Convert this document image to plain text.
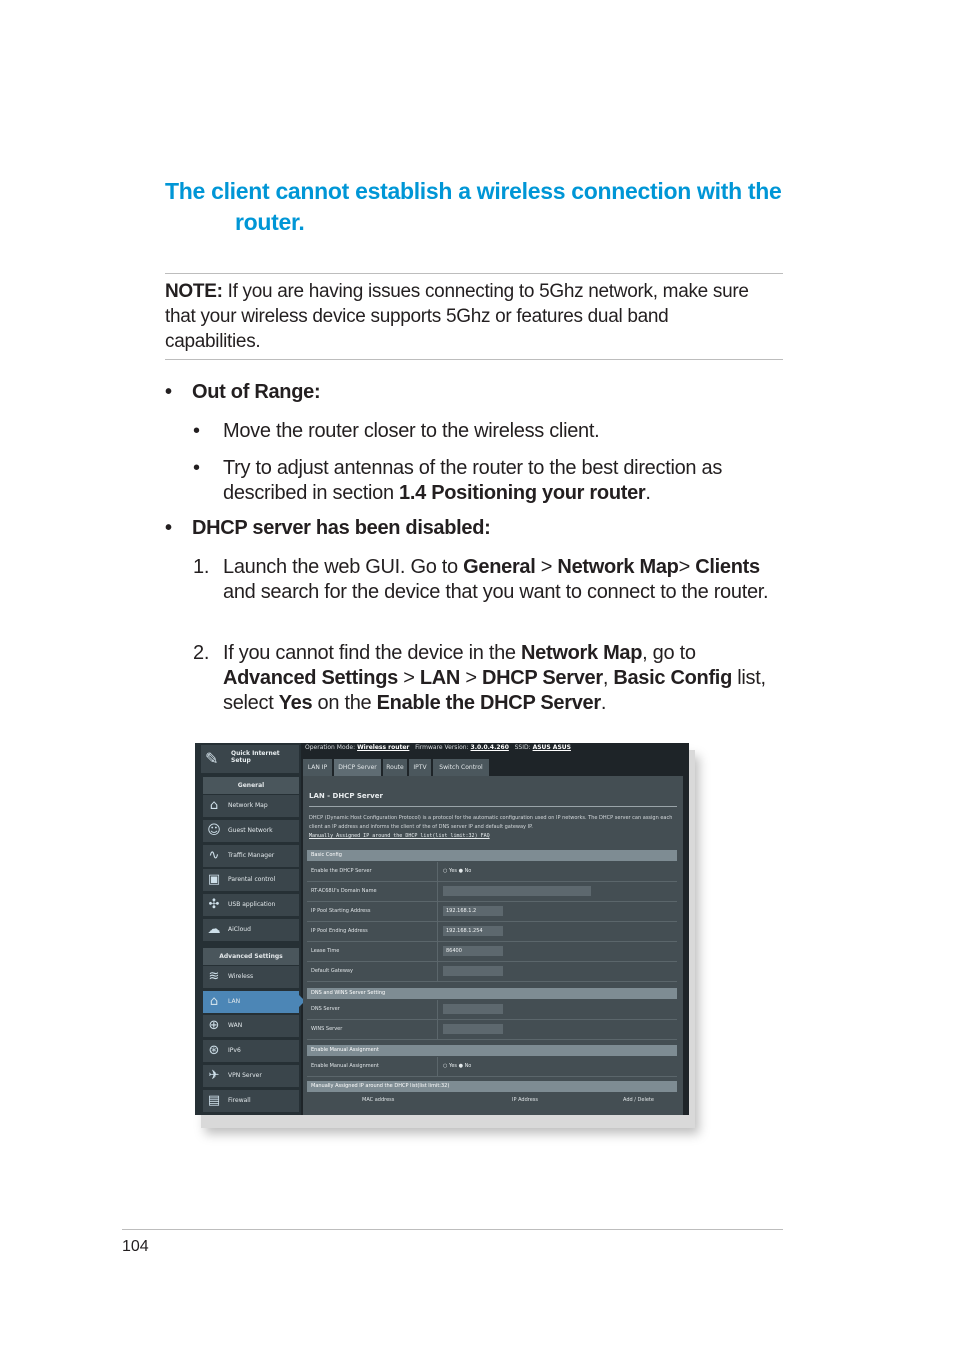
The client cannot establish a wireless connection with the
router.
NOTE: If you are having issues connecting to 5Ghz network, make sure that your wireless device supports 5Ghz or features dual band capabilities.
• Out of Range:
•	Move the router closer to the wireless client.
•	Try to adjust antennas of the router to the best direction as described in section 1.4 Positioning your router.
• DHCP server has been disabled:
1. Launch the web GUI. Go to General > Network Map> Clients and search for the device that you want to connect to the router.
2. If you cannot find the device in the Network Map, go to Advanced Settings > LAN > DHCP Server, Basic Config list, select Yes on the Enable the DHCP Server.
✎	Quick Internet Setup
General
⌂	Network Map
☺ Guest Network
∿	Traffic Manager
▣	Parental control
✣	USB application
☁ AiCloud
Advanced Settings
≋	Wireless
⌂	LAN
⊕	WAN
⊛	IPv6
✈	VPN Server
▤	Firewall
Operation Mode: Wireless router Firmware Version: 3.0.0.4.260 SSID: ASUS ASUS
LAN IP	DHCP Server	Route	IPTV	Switch Control
LAN - DHCP Server
DHCP (Dynamic Host Configuration Protocol) is a protocol for the automatic configuration used on IP networks. The DHCP server can assign each client an IP address and informs the client of the of DNS server IP and default gateway IP.
Manually Assigned IP around the DHCP list(list limit:32) FAQ
Basic Config
Enable the DHCP Server	○ Yes ● No
RT-AC68U's Domain Name
IP Pool Starting Address	192.168.1.2
IP Pool Ending Address	192.168.1.254
Lease Time	86400
Default Gateway
DNS and WINS Server Setting
DNS Server
WINS Server
Enable Manual Assignment
Enable Manual Assignment	○ Yes ● No
Manually Assigned IP around the DHCP list(list limit:32)
MAC address	IP Address	Add / Delete
104
